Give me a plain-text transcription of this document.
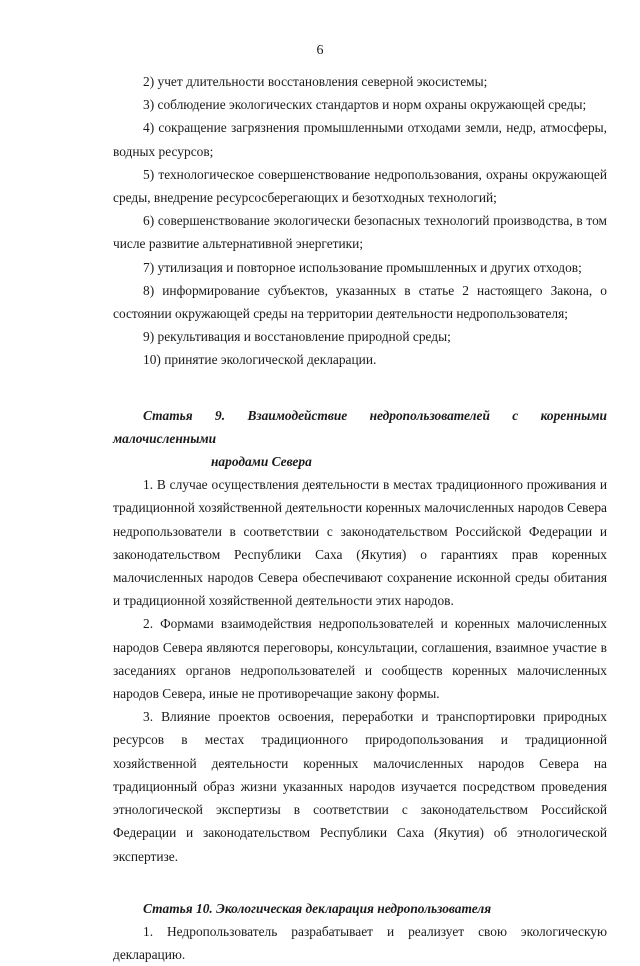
6

2) учет длительности восстановления северной экосистемы;

3) соблюдение экологических стандартов и норм охраны окружающей среды;

4) сокращение загрязнения промышленными отходами земли, недр, атмосферы, водных ресурсов;

5) технологическое совершенствование недропользования, охраны окружающей среды, внедрение ресурсосберегающих и безотходных технологий;

6) совершенствование экологически безопасных технологий производства, в том числе развитие альтернативной энергетики;

7) утилизация и повторное использование промышленных и других отходов;

8) информирование субъектов, указанных в статье 2 настоящего Закона, о состоянии окружающей среды на территории деятельности недропользователя;

9) рекультивация и восстановление природной среды;

10) принятие экологической декларации.

Статья 9. Взаимодействие недропользователей с коренными малочисленными
народами Севера

1. В случае осуществления деятельности в местах традиционного проживания и традиционной хозяйственной деятельности коренных малочисленных народов Севера недропользователи в соответствии с законодательством Российской Федерации и законодательством Республики Саха (Якутия) о гарантиях прав коренных малочисленных народов Севера обеспечивают сохранение исконной среды обитания и традиционной хозяйственной деятельности этих народов.

2. Формами взаимодействия недропользователей и коренных малочисленных народов Севера являются переговоры, консультации, соглашения, взаимное участие в заседаниях органов недропользователей и сообществ коренных малочисленных народов Севера, иные не противоречащие закону формы.

3. Влияние проектов освоения, переработки и транспортировки природных ресурсов в местах традиционного природопользования и традиционной хозяйственной деятельности коренных малочисленных народов Севера на традиционный образ жизни указанных народов изучается посредством проведения этнологической экспертизы в соответствии с законодательством Российской Федерации и законодательством Республики Саха (Якутия) об этнологической экспертизе.

Статья 10. Экологическая декларация недропользователя

1. Недропользователь разрабатывает и реализует свою экологическую декларацию.
